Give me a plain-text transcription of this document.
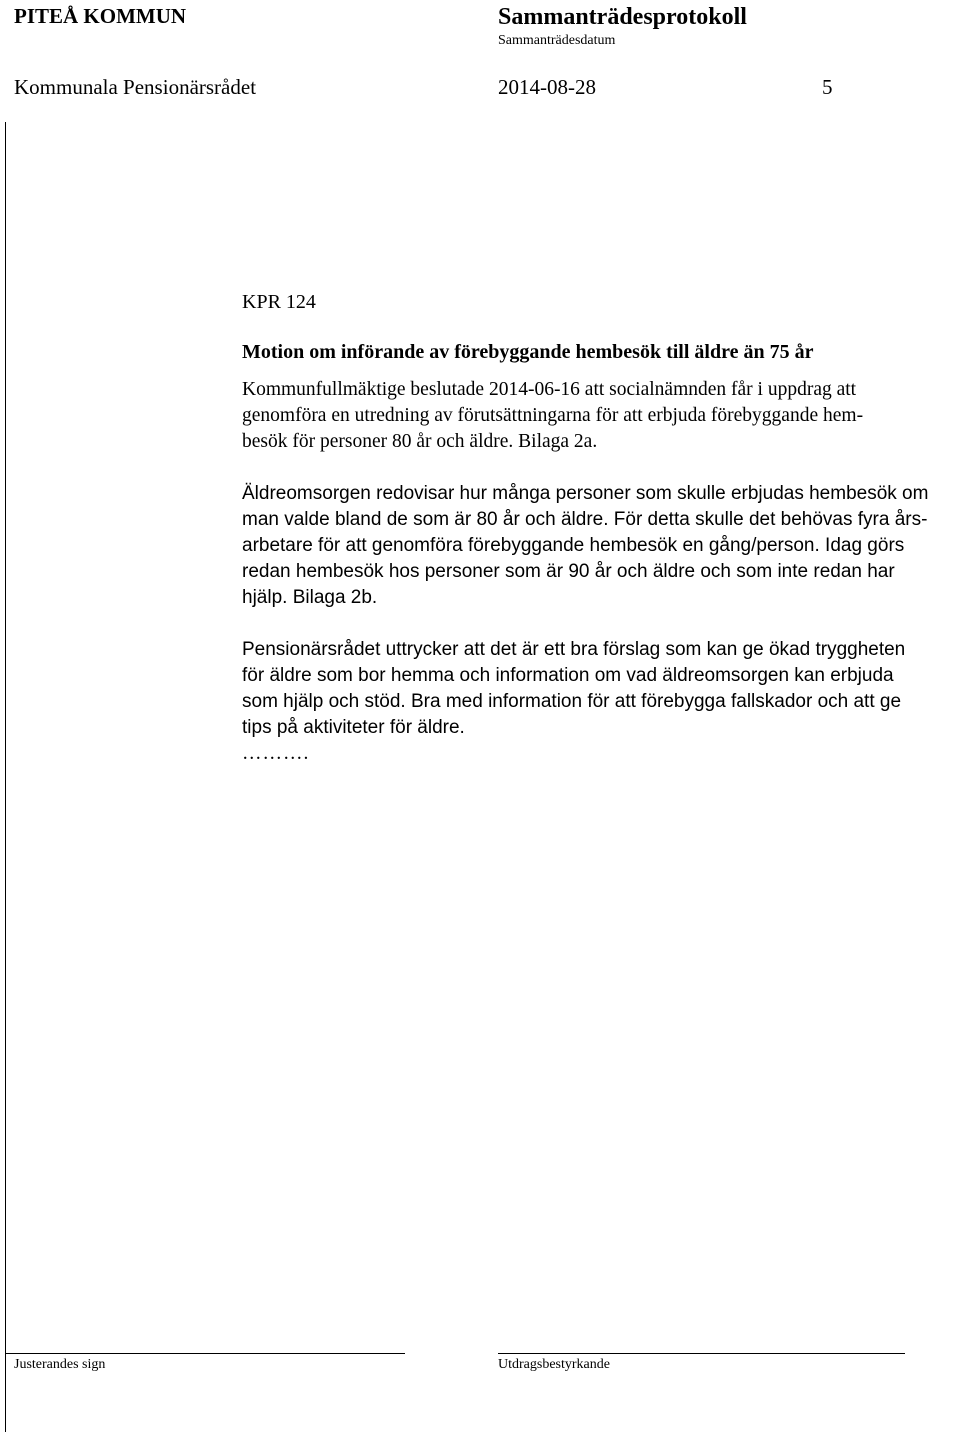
PITEÅ KOMMUN	Sammanträdesprotokoll
Sammanträdesdatum
Kommunala Pensionärsrådet	2014-08-28	5
KPR 124
Motion om införande av förebyggande hembesök till äldre än 75 år
Kommunfullmäktige beslutade 2014-06-16 att socialnämnden får i uppdrag att
genomföra en utredning av förutsättningarna för att erbjuda förebyggande hem-
besök för personer 80 år och äldre. Bilaga 2a.
Äldreomsorgen redovisar hur många personer som skulle erbjudas hembesök om
man valde bland de som är 80 år och äldre. För detta skulle det behövas fyra års-
arbetare för att genomföra förebyggande hembesök en gång/person. Idag görs
redan hembesök hos personer som är 90 år och äldre och som inte redan har
hjälp. Bilaga 2b.
Pensionärsrådet uttrycker att det är ett bra förslag som kan ge ökad tryggheten
för äldre som bor hemma och information om vad äldreomsorgen kan erbjuda
som hjälp och stöd. Bra med information för att förebygga fallskador och att ge
tips på aktiviteter för äldre.
……….
Justerandes sign	Utdragsbestyrkande
